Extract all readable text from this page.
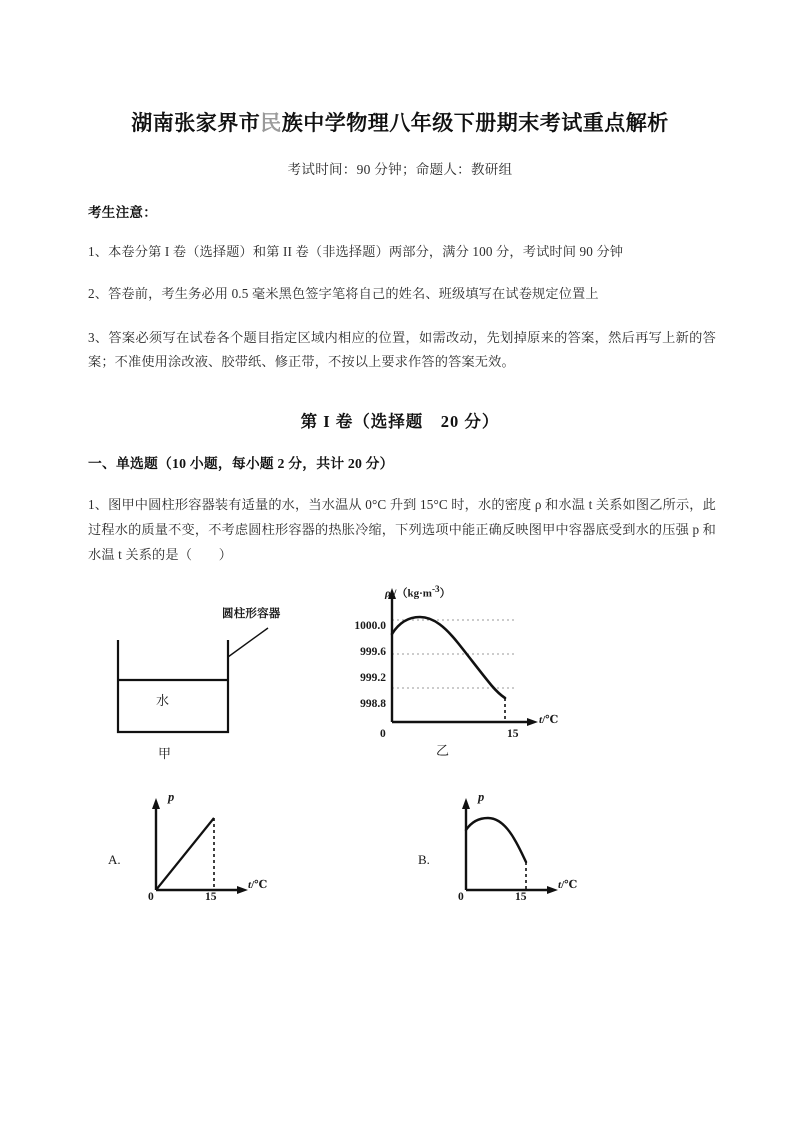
湖南张家界市民族中学物理八年级下册期末考试重点解析
考试时间：90 分钟；命题人：教研组
考生注意：
1、本卷分第 I 卷（选择题）和第 II 卷（非选择题）两部分，满分 100 分，考试时间 90 分钟
2、答卷前，考生务必用 0.5 毫米黑色签字笔将自己的姓名、班级填写在试卷规定位置上
3、答案必须写在试卷各个题目指定区域内相应的位置，如需改动，先划掉原来的答案，然后再写上新的答案；不准使用涂改液、胶带纸、修正带，不按以上要求作答的答案无效。
第 I 卷（选择题　20 分）
一、单选题（10 小题，每小题 2 分，共计 20 分）
1、图甲中圆柱形容器装有适量的水，当水温从 0°C 升到 15°C 时，水的密度 ρ 和水温 t 关系如图乙所示，此过程水的质量不变，不考虑圆柱形容器的热胀冷缩，下列选项中能正确反映图甲中容器底受到水的压强 p 和水温 t 关系的是（　　）
圆柱形容器
水
甲
ρ $/(kg\cdot m^{-3})$
1000.0
999.6
999.2
998.8
0	15
t/℃
乙
A.
p
0	15
t/℃
B.
p
0	15
t/℃
